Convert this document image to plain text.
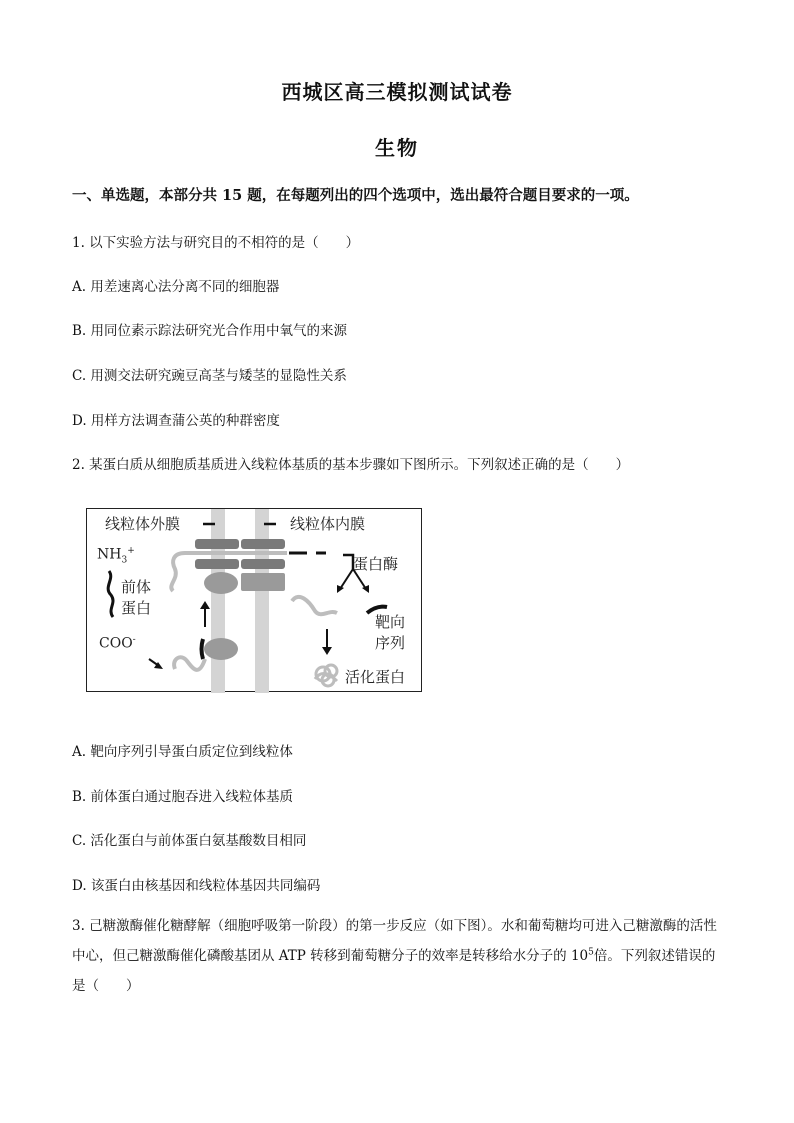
西城区高三模拟测试试卷
生物
一、单选题，本部分共 15 题，在每题列出的四个选项中，选出最符合题目要求的一项。
1. 以下实验方法与研究目的不相符的是（　　）
A. 用差速离心法分离不同的细胞器
B. 用同位素示踪法研究光合作用中氧气的来源
C. 用测交法研究豌豆高茎与矮茎的显隐性关系
D. 用样方法调查蒲公英的种群密度
2. 某蛋白质从细胞质基质进入线粒体基质的基本步骤如下图所示。下列叙述正确的是（　　）
线粒体外膜	线粒体内膜
$NH_3^+$
前体
蛋白
COO-
蛋白酶
靶向
序列
活化蛋白
A. 靶向序列引导蛋白质定位到线粒体
B. 前体蛋白通过胞吞进入线粒体基质
C. 活化蛋白与前体蛋白氨基酸数目相同
D. 该蛋白由核基因和线粒体基因共同编码
3. 己糖激酶催化糖酵解（细胞呼吸第一阶段）的第一步反应（如下图）。水和葡萄糖均可进入己糖激酶的活性中心，但己糖激酶催化磷酸基团从 ATP 转移到葡萄糖分子的效率是转移给水分子的 $10^5$倍。下列叙述错误的是（　　）
